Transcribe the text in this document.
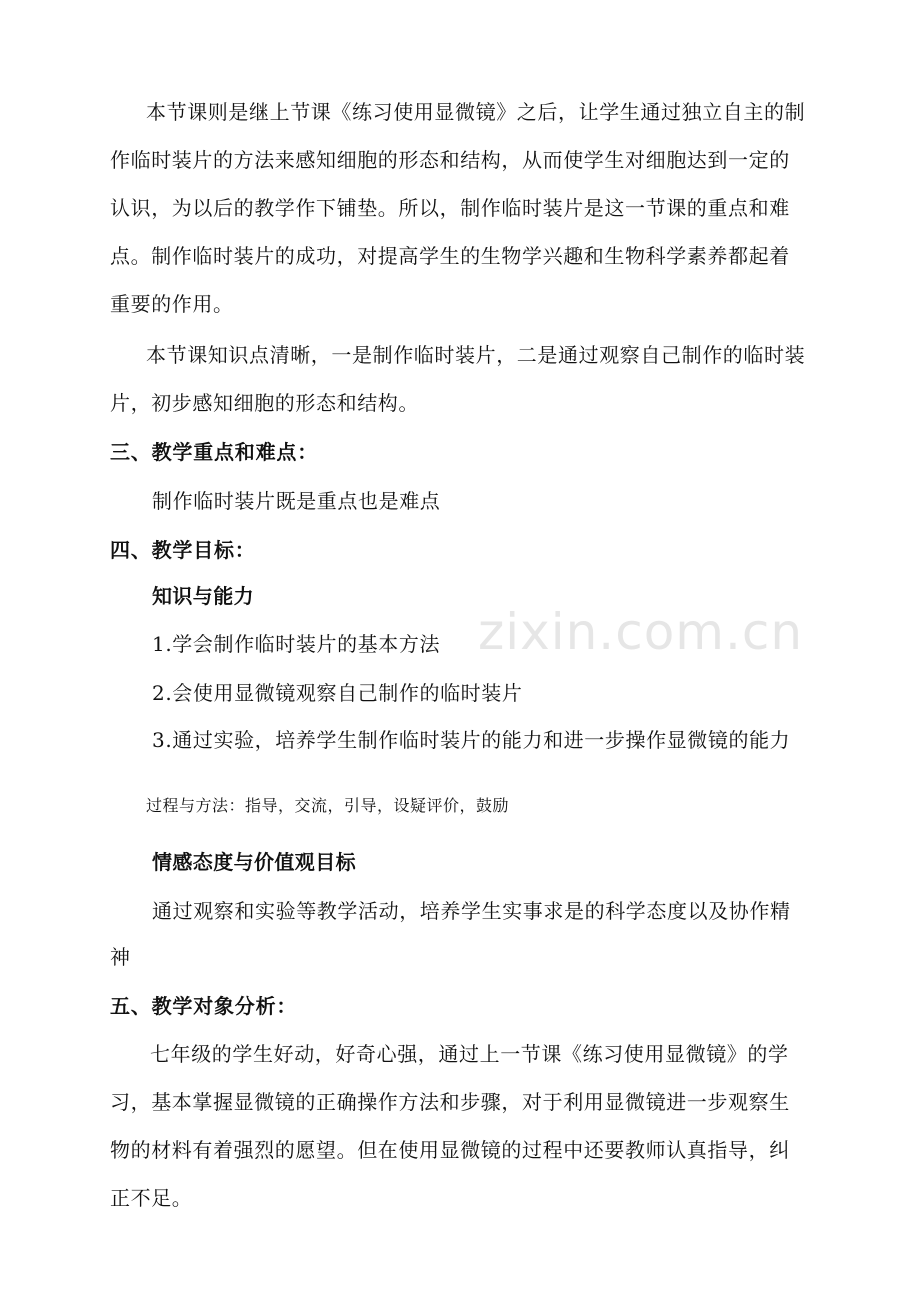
zixin.com.cn
本节课则是继上节课《练习使用显微镜》之后，让学生通过独立自主的制
作临时装片的方法来感知细胞的形态和结构，从而使学生对细胞达到一定的
认识，为以后的教学作下铺垫。所以，制作临时装片是这一节课的重点和难
点。制作临时装片的成功，对提高学生的生物学兴趣和生物科学素养都起着
重要的作用。
本节课知识点清晰，一是制作临时装片，二是通过观察自己制作的临时装
片，初步感知细胞的形态和结构。
三、教学重点和难点：
制作临时装片既是重点也是难点
四、教学目标：
知识与能力
1.学会制作临时装片的基本方法
2.会使用显微镜观察自己制作的临时装片
3.通过实验，培养学生制作临时装片的能力和进一步操作显微镜的能力
过程与方法：指导，交流，引导，设疑评价，鼓励
情感态度与价值观目标
通过观察和实验等教学活动，培养学生实事求是的科学态度以及协作精
神
五、教学对象分析：
七年级的学生好动，好奇心强，通过上一节课《练习使用显微镜》的学
习，基本掌握显微镜的正确操作方法和步骤，对于利用显微镜进一步观察生
物的材料有着强烈的愿望。但在使用显微镜的过程中还要教师认真指导，纠
正不足。
